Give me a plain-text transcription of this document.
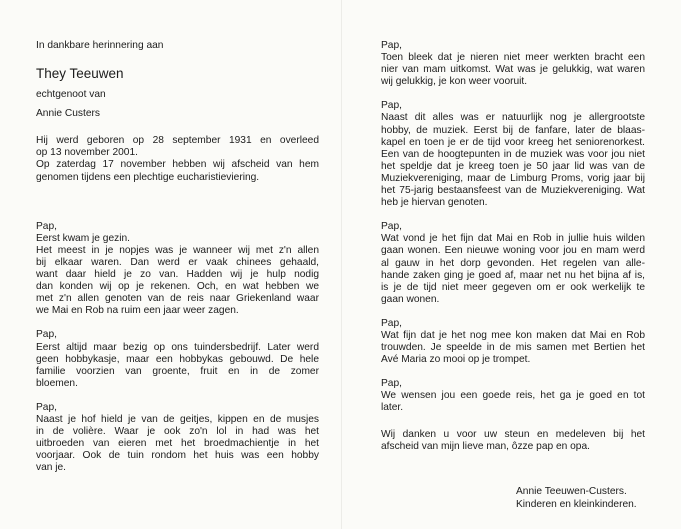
In dankbare herinnering aan

They Teeuwen

echtgenoot van

Annie Custers

Hij werd geboren op 28 september 1931 en overleed
op 13 november 2001.
Op zaterdag 17 november hebben wij afscheid van hem
genomen tijdens een plechtige eucharistieviering.

Pap,
Eerst kwam je gezin.
Het meest in je nopjes was je wanneer wij met z'n allen
bij elkaar waren. Dan werd er vaak chinees gehaald,
want daar hield je zo van. Hadden wij je hulp nodig
dan konden wij op je rekenen. Och, en wat hebben we
met z'n allen genoten van de reis naar Griekenland waar
we Mai en Rob na ruim een jaar weer zagen.
Pap,
Eerst altijd maar bezig op ons tuindersbedrijf. Later werd
geen hobbykasje, maar een hobbykas gebouwd. De hele
familie voorzien van groente, fruit en in de zomer
bloemen.
Pap,
Naast je hof hield je van de geitjes, kippen en de musjes
in de volière. Waar je ook zo'n lol in had was het
uitbroeden van eieren met het broedmachientje in het
voorjaar. Ook de tuin rondom het huis was een hobby
van je.
Pap,
Toen bleek dat je nieren niet meer werkten bracht een
nier van mam uitkomst. Wat was je gelukkig, wat waren
wij gelukkig, je kon weer vooruit.
Pap,
Naast dit alles was er natuurlijk nog je allergrootste
hobby, de muziek. Eerst bij de fanfare, later de blaas-
kapel en toen je er de tijd voor kreeg het seniorenorkest.
Een van de hoogtepunten in de muziek was voor jou niet
het speldje dat je kreeg toen je 50 jaar lid was van de
Muziekvereniging, maar de Limburg Proms, vorig jaar bij
het 75-jarig bestaansfeest van de Muziekvereniging. Wat
heb je hiervan genoten.
Pap,
Wat vond je het fijn dat Mai en Rob in jullie huis wilden
gaan wonen. Een nieuwe woning voor jou en mam werd
al gauw in het dorp gevonden. Het regelen van alle-
hande zaken ging je goed af, maar net nu het bijna af is,
is je de tijd niet meer gegeven om er ook werkelijk te
gaan wonen.
Pap,
Wat fijn dat je het nog mee kon maken dat Mai en Rob
trouwden. Je speelde in de mis samen met Bertien het
Avé Maria zo mooi op je trompet.
Pap,
We wensen jou een goede reis, het ga je goed en tot
later.
Wij danken u voor uw steun en medeleven bij het
afscheid van mijn lieve man, ôzze pap en opa.
Annie Teeuwen-Custers.
Kinderen en kleinkinderen.
